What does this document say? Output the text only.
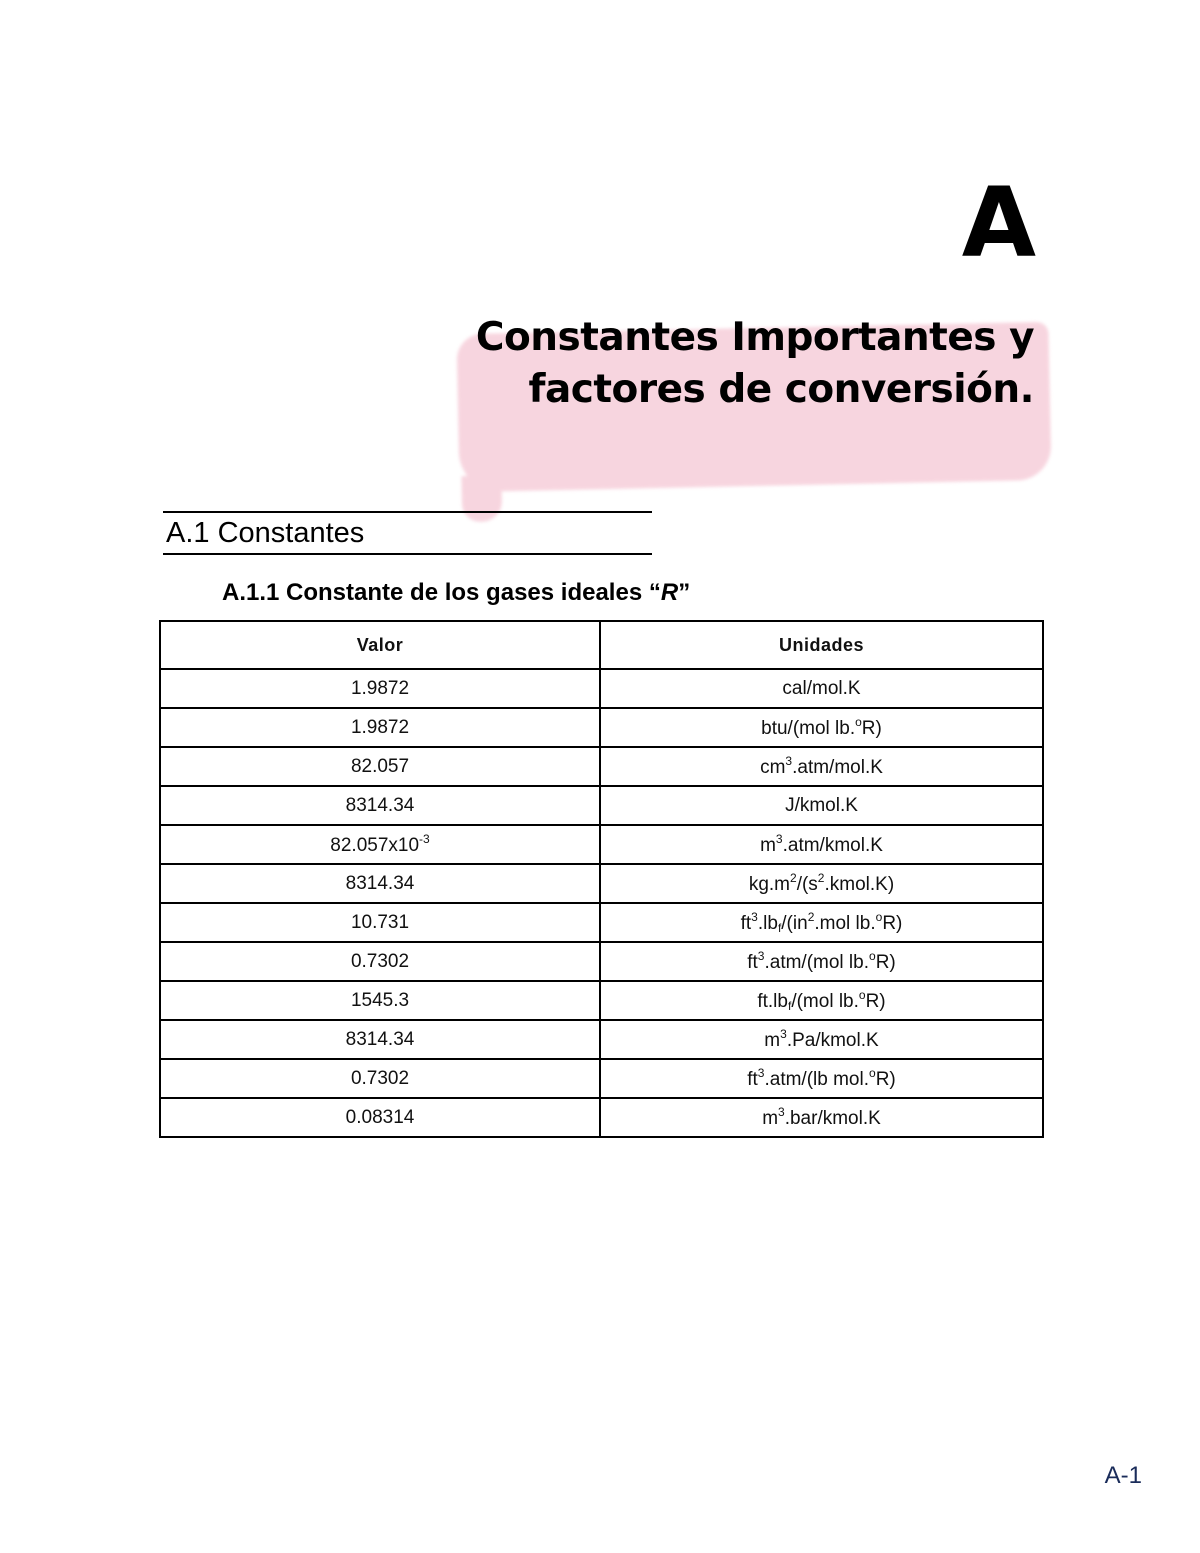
A
Constantes Importantes y
factores de conversión.
A.1 Constantes
A.1.1 Constante de los gases ideales “R”
Valor	Unidades
1.9872	cal/mol.K
1.9872	btu/(mol lb.$^o$R)
82.057	$cm^3.atm/mol.K$
8314.34	J/kmol.K
$82.057x10^{-3}$	$m^3.atm/kmol.K$
8314.34	$kg.m^2/(s^2.kmol.K)$
10.731	$ft^3.lb_f/(in^2.mol$ lb.$^o$R)
0.7302	$ft^3.atm/(mol$ lb.$^o$R)
1545.3	$ft.lb_f/(mol$ lb.$^o$R)
8314.34	$m^3.Pa/kmol.K$
0.7302	$ft^3.atm/(lb$ mol.$^o$R)
0.08314	$m^3.bar/kmol.K$
A-1
